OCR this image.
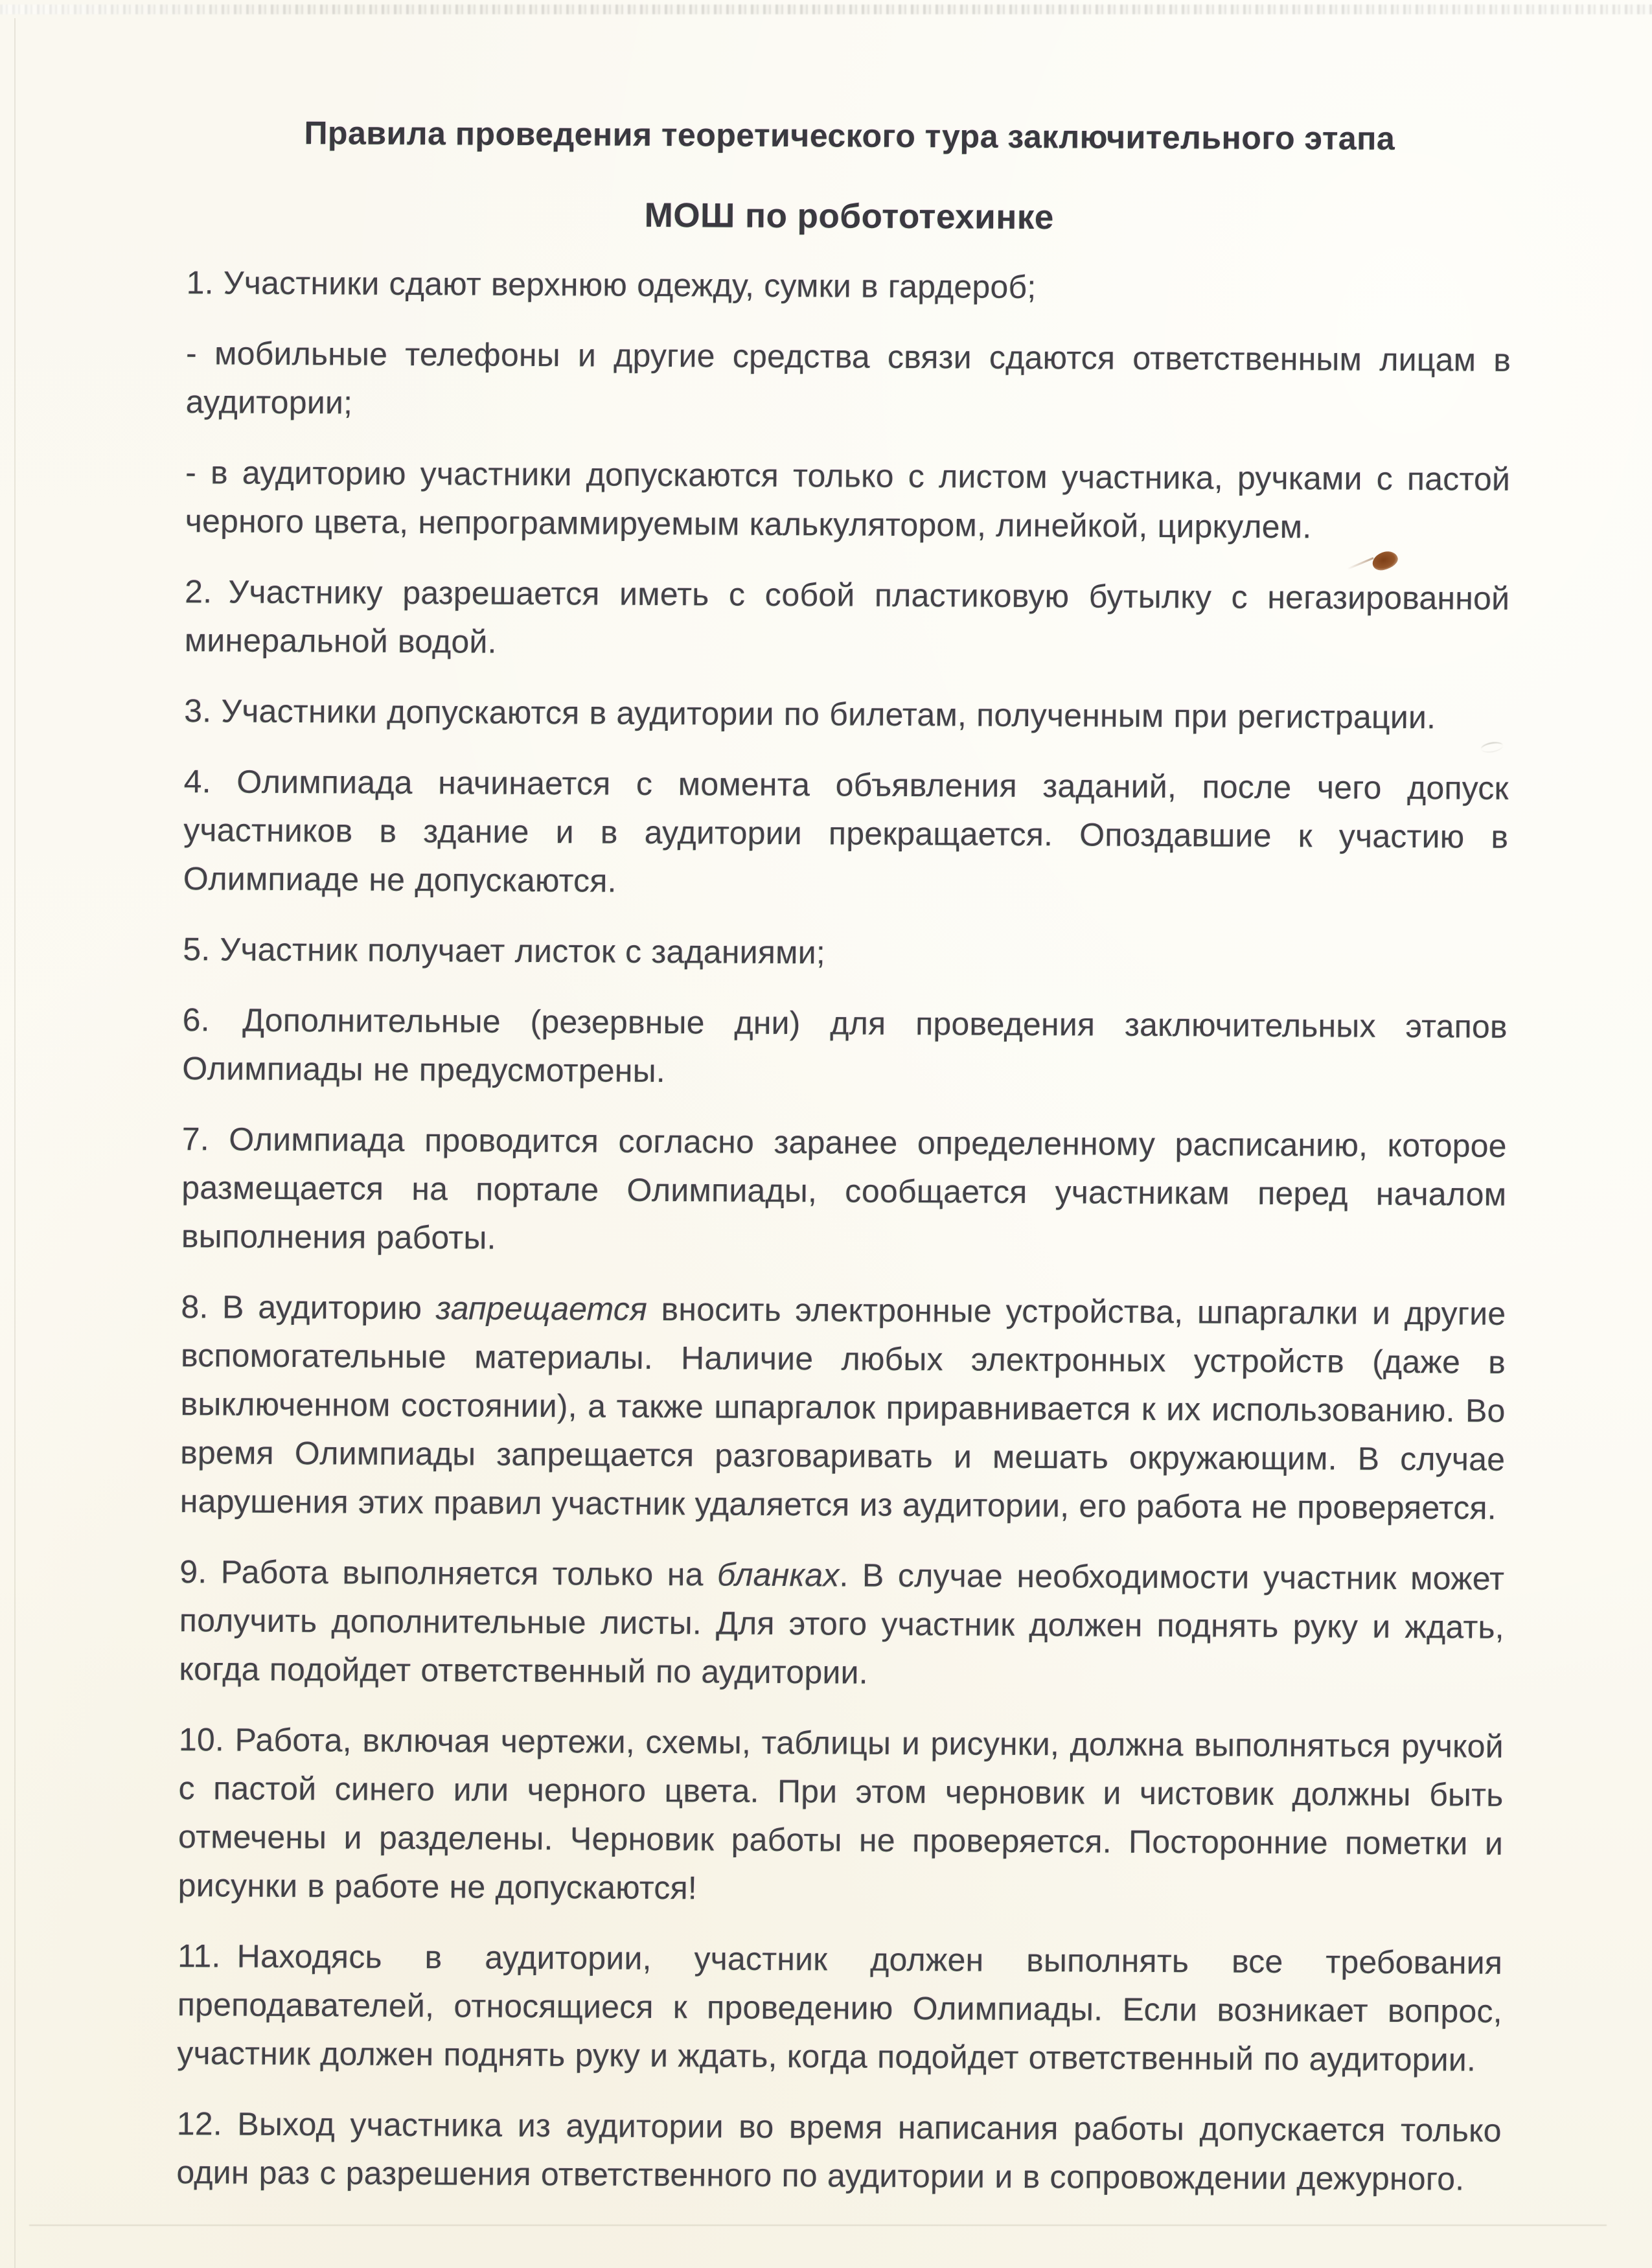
Правила проведения теоретического тура заключительного этапа
МОШ по робототехинке

1. Участники сдают верхнюю одежду, сумки в гардероб;

- мобильные телефоны и другие средства связи сдаются ответственным лицам в аудитории;

- в аудиторию участники допускаются только с листом участника, ручками с пастой черного цвета, непрограммируемым калькулятором, линейкой, циркулем.

2. Участнику разрешается иметь с собой пластиковую бутылку с негазированной минеральной водой.

3. Участники допускаются в аудитории по билетам, полученным при регистрации.

4. Олимпиада начинается с момента объявления заданий, после чего допуск участников в здание и в аудитории прекращается. Опоздавшие к участию в Олимпиаде не допускаются.

5. Участник получает листок с заданиями;

6.  Дополнительные (резервные дни) для проведения заключительных этапов Олимпиады не предусмотрены.

7. Олимпиада проводится согласно заранее определенному расписанию, которое размещается на портале Олимпиады, сообщается участникам перед началом выполнения работы.

8. В аудиторию запрещается вносить электронные устройства, шпаргалки и другие вспомогательные материалы. Наличие любых электронных устройств (даже в выключенном состоянии), а также шпаргалок приравнивается к их использованию. Во время Олимпиады запрещается разговаривать и мешать окружающим. В случае нарушения этих правил участник удаляется из аудитории, его работа не проверяется.

9. Работа выполняется только на бланках. В случае необходимости участник может получить дополнительные листы. Для этого участник должен поднять руку и ждать, когда подойдет ответственный по аудитории.

10. Работа, включая чертежи, схемы, таблицы и рисунки, должна выполняться ручкой с пастой синего или черного цвета. При этом черновик и чистовик должны быть отмечены и разделены. Черновик работы не проверяется. Посторонние пометки и рисунки в работе не допускаются!

11. Находясь в аудитории, участник должен выполнять все требования преподавателей, относящиеся к проведению Олимпиады. Если возникает вопрос, участник должен поднять руку и ждать, когда подойдет ответственный по аудитории.

12. Выход участника из аудитории во время написания работы допускается только один раз с разрешения ответственного по аудитории и в сопровождении дежурного.
